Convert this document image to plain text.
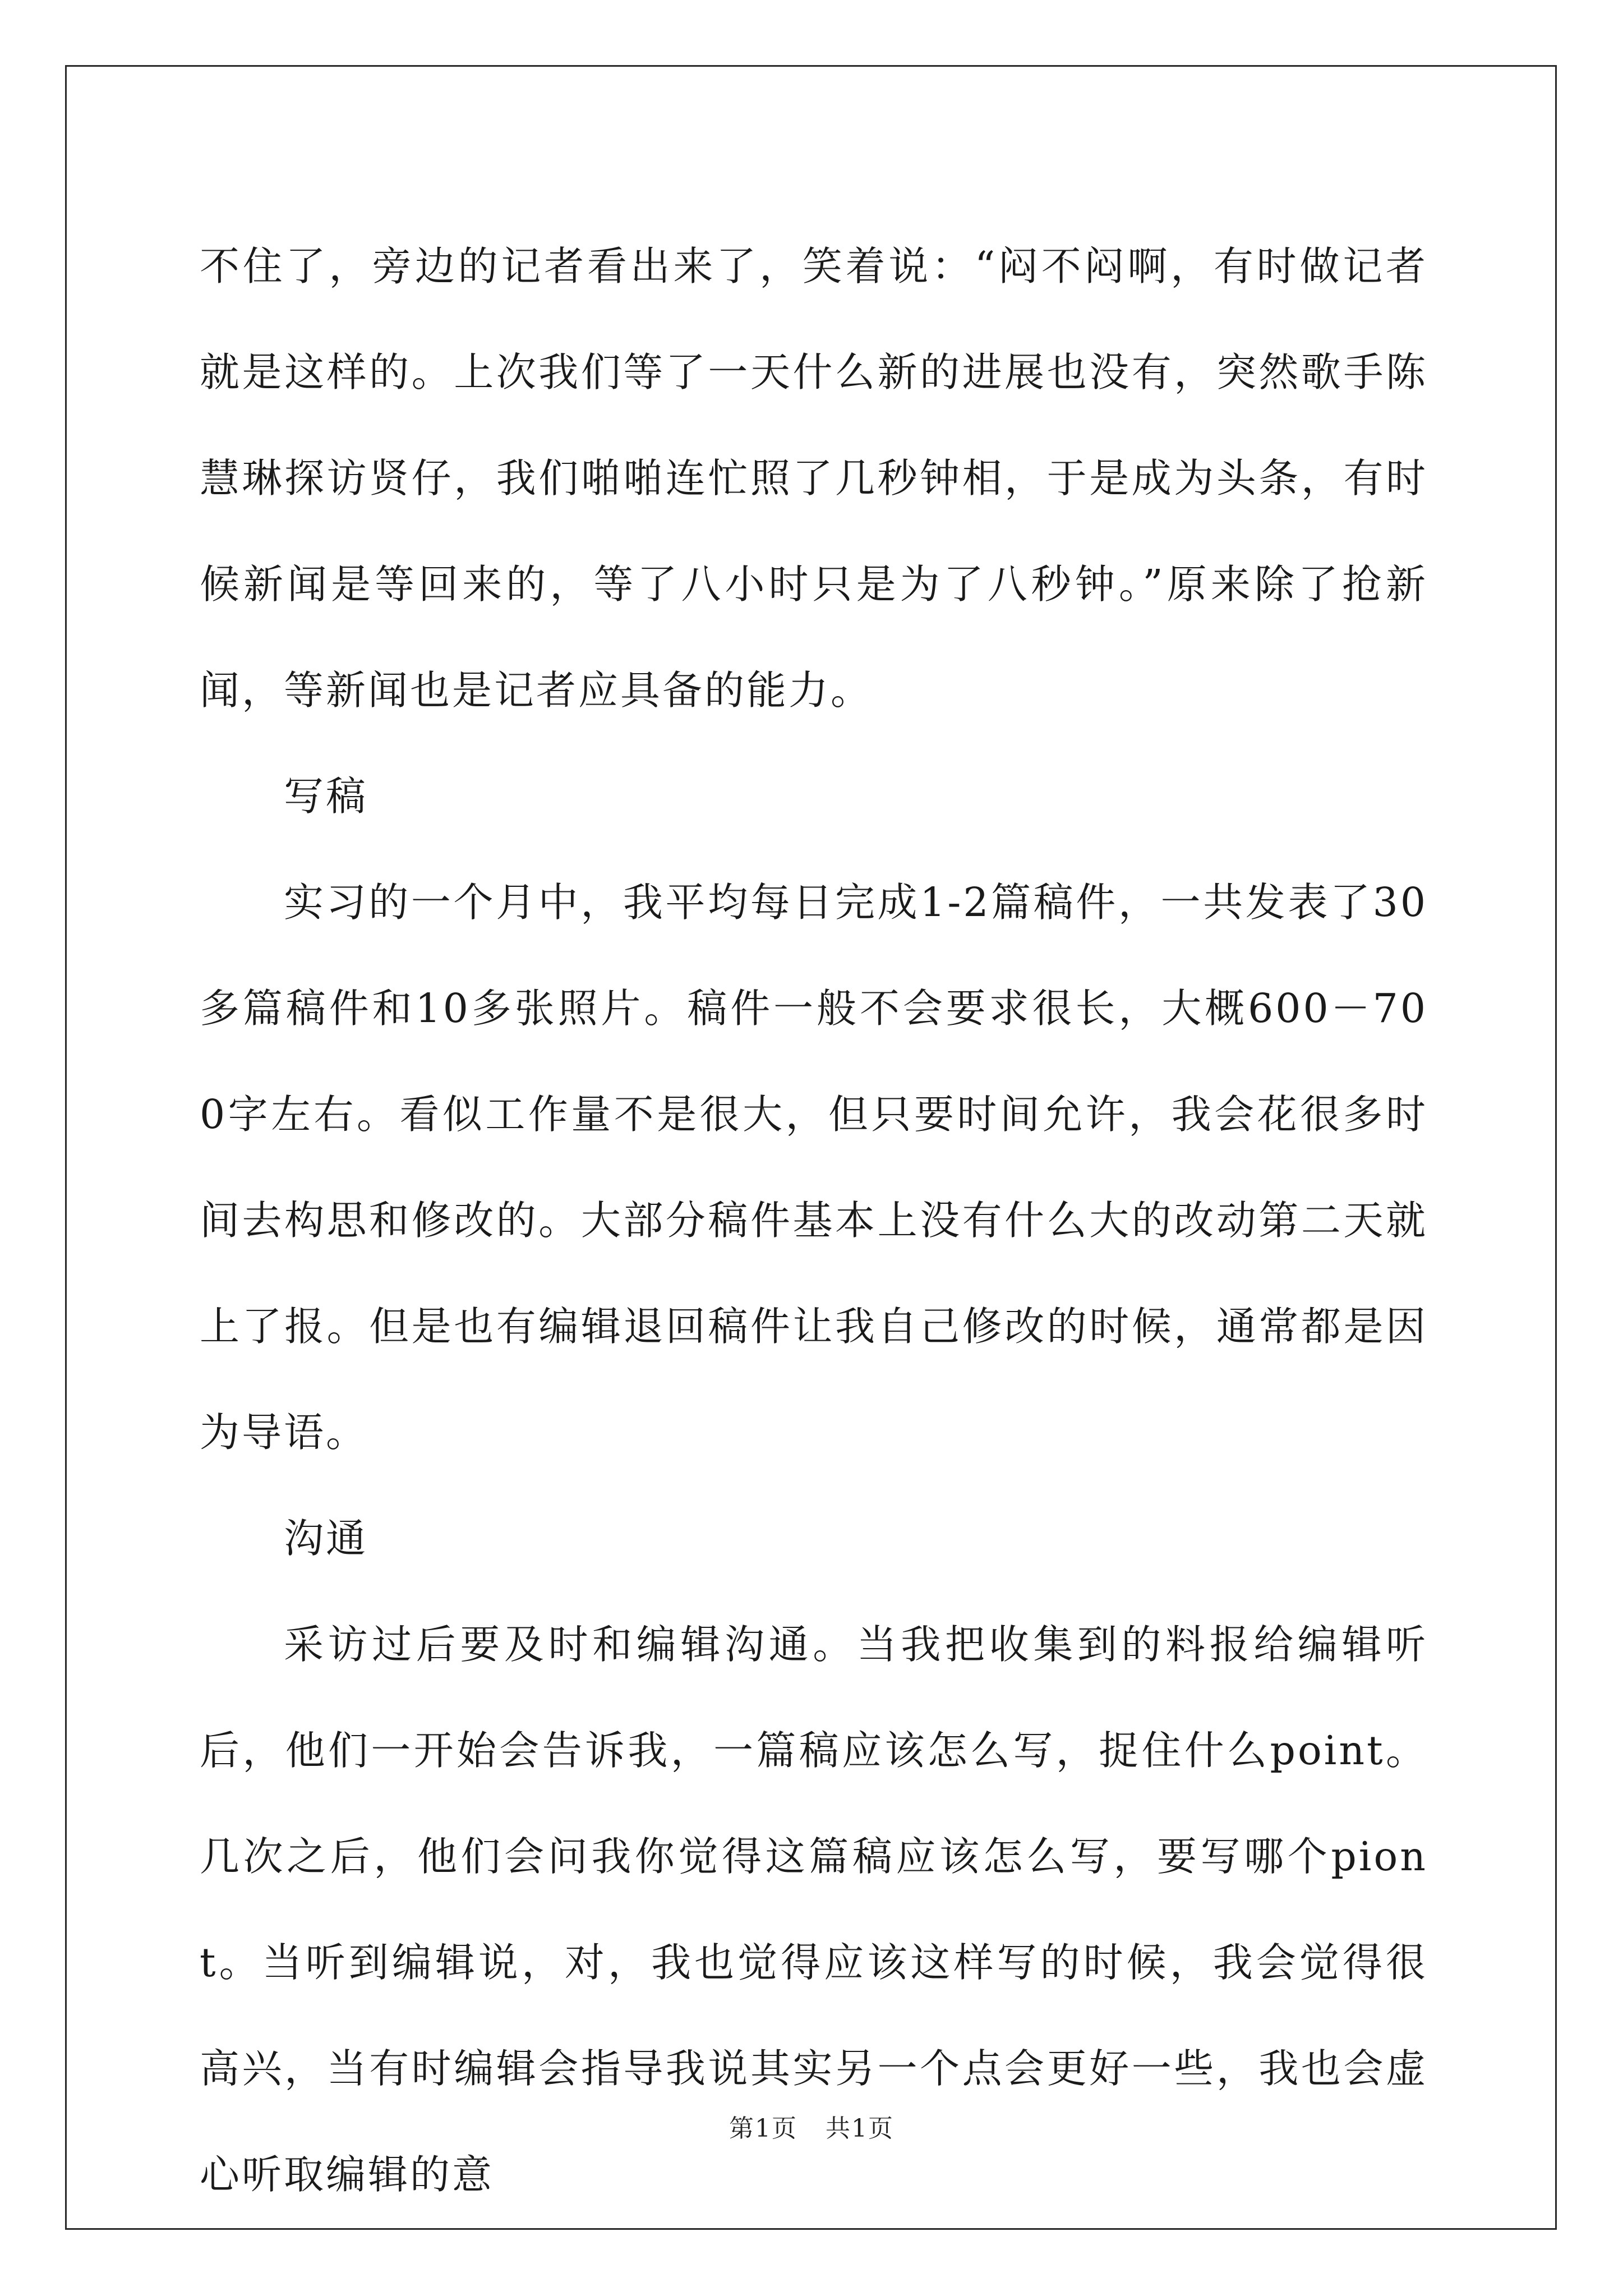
不住了，旁边的记者看出来了，笑着说：“闷不闷啊，有时做记者就是这样的。上次我们等了一天什么新的进展也没有，突然歌手陈慧琳探访贤仔，我们啪啪连忙照了几秒钟相，于是成为头条，有时候新闻是等回来的，等了八小时只是为了八秒钟。”原来除了抢新闻，等新闻也是记者应具备的能力。

写稿

实习的一个月中，我平均每日完成1-2篇稿件，一共发表了30多篇稿件和10多张照片。稿件一般不会要求很长，大概600－700字左右。看似工作量不是很大，但只要时间允许，我会花很多时间去构思和修改的。大部分稿件基本上没有什么大的改动第二天就上了报。但是也有编辑退回稿件让我自己修改的时候，通常都是因为导语。

沟通

采访过后要及时和编辑沟通。当我把收集到的料报给编辑听后，他们一开始会告诉我，一篇稿应该怎么写，捉住什么point。几次之后，他们会问我你觉得这篇稿应该怎么写，要写哪个piont。当听到编辑说，对，我也觉得应该这样写的时候，我会觉得很高兴，当有时编辑会指导我说其实另一个点会更好一些，我也会虚心听取编辑的意

第1页 共1页
